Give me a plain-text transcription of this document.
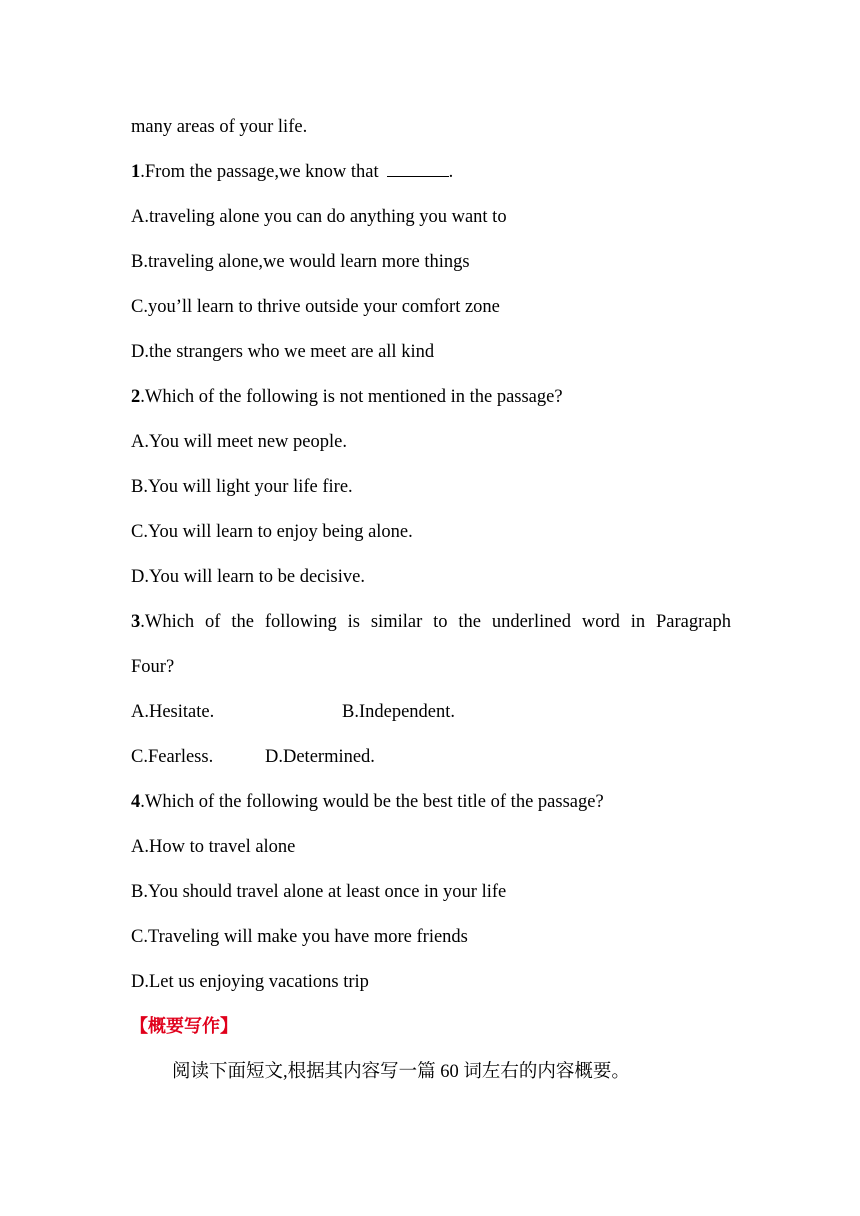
many areas of your life.
1.From the passage,we know that	.
A.traveling alone you can do anything you want to
B.traveling alone,we would learn more things
C.you’ll learn to thrive outside your comfort zone
D.the strangers who we meet are all kind
2.Which of the following is not mentioned in the passage?
A.You will meet new people.
B.You will light your life fire.
C.You will learn to enjoy being alone.
D.You will learn to be decisive.
3.Which of the following is similar to the underlined word in Paragraph
Four?
A.Hesitate.	B.Independent.
C.Fearless.	D.Determined.
4.Which of the following would be the best title of the passage?
A.How to travel alone
B.You should travel alone at least once in your life
C.Traveling will make you have more friends
D.Let us enjoying vacations trip
【概要写作】
阅读下面短文,根据其内容写一篇 60 词左右的内容概要。
